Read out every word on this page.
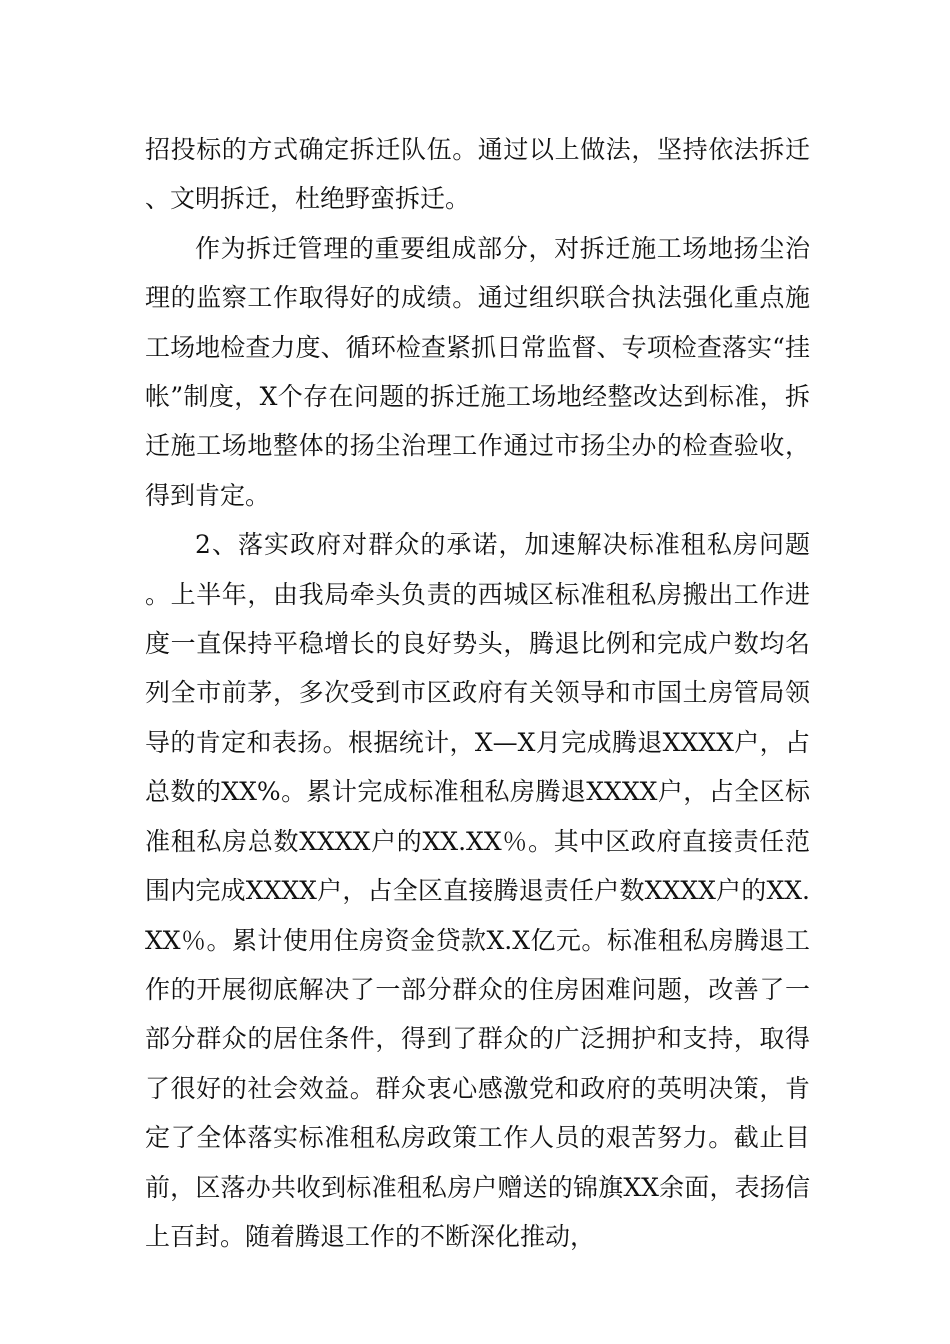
招投标的方式确定拆迁队伍。通过以上做法，坚持依法拆迁、文明拆迁，杜绝野蛮拆迁。

作为拆迁管理的重要组成部分，对拆迁施工场地扬尘治理的监察工作取得好的成绩。通过组织联合执法强化重点施工场地检查力度、循环检查紧抓日常监督、专项检查落实“挂帐”制度，X个存在问题的拆迁施工场地经整改达到标准，拆迁施工场地整体的扬尘治理工作通过市扬尘办的检查验收，得到肯定。

2、落实政府对群众的承诺，加速解决标准租私房问题。上半年，由我局牵头负责的西城区标准租私房搬出工作进度一直保持平稳增长的良好势头，腾退比例和完成户数均名列全市前茅，多次受到市区政府有关领导和市国土房管局领导的肯定和表扬。根据统计，X—X月完成腾退XXXX户，占总数的XX%。累计完成标准租私房腾退XXXX户，占全区标准租私房总数XXXX户的XX.XX％。其中区政府直接责任范围内完成XXXX户，占全区直接腾退责任户数XXXX户的XX.XX％。累计使用住房资金贷款X.X亿元。标准租私房腾退工作的开展彻底解决了一部分群众的住房困难问题，改善了一部分群众的居住条件，得到了群众的广泛拥护和支持，取得了很好的社会效益。群众衷心感激党和政府的英明决策，肯定了全体落实标准租私房政策工作人员的艰苦努力。截止目前，区落办共收到标准租私房户赠送的锦旗XX余面，表扬信上百封。随着腾退工作的不断深化推动，
